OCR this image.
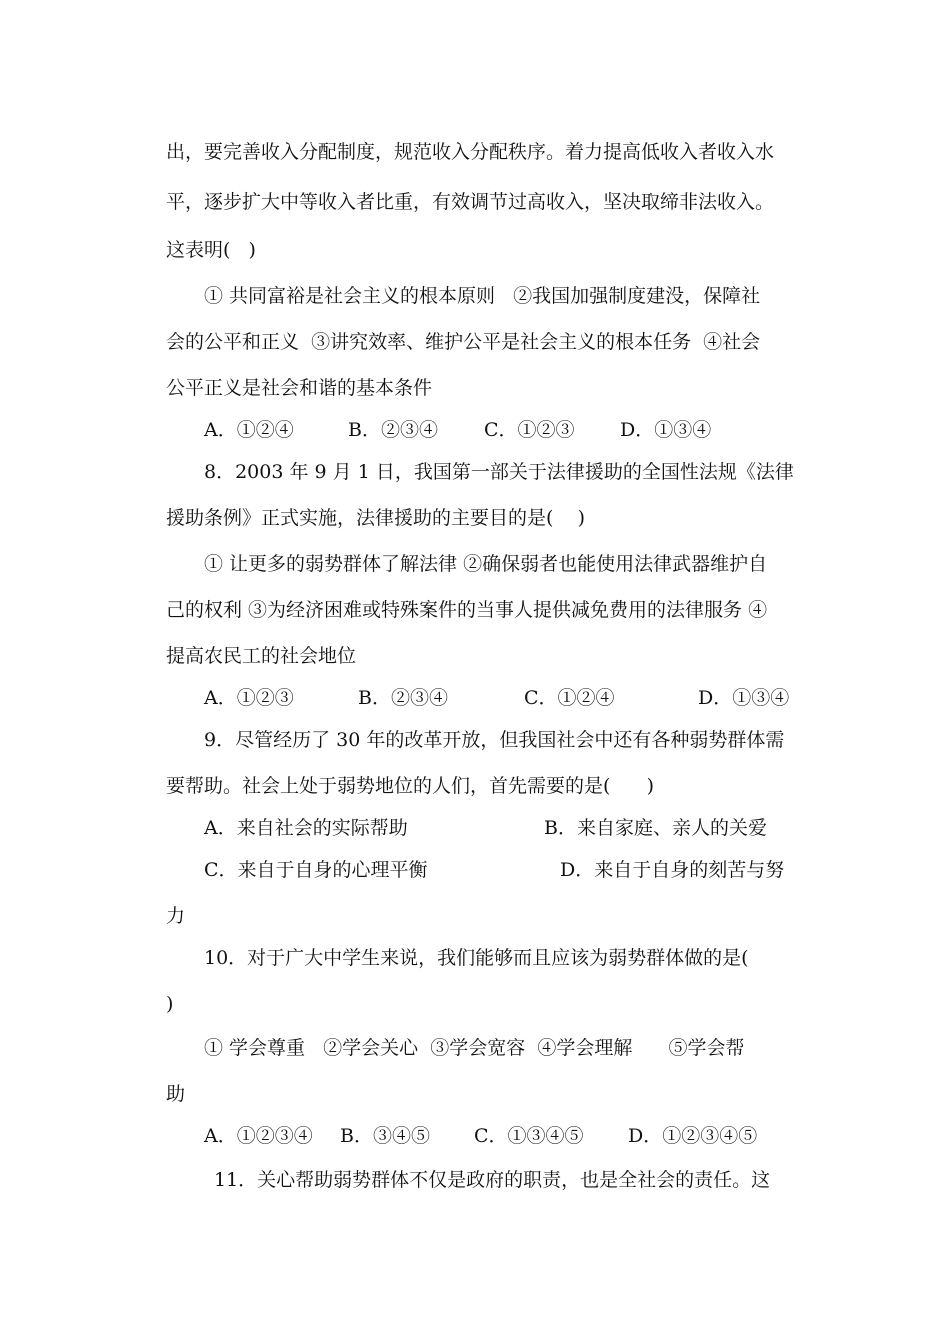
出，要完善收入分配制度，规范收入分配秩序。着力提高低收入者收入水
平，逐步扩大中等收入者比重，有效调节过高收入，坚决取缔非法收入。
这表明(   )
① 共同富裕是社会主义的根本原则   ②我国加强制度建没，保障社
会的公平和正义  ③讲究效率、维护公平是社会主义的根本任务  ④社会
公平正义是社会和谐的基本条件
A．①②④	B．②③④ C．①②③ D．①③④
8．2003 年 9 月 1 日，我国第一部关于法律援助的全国性法规《法律
援助条例》正式实施，法律援助的主要目的是(    )
① 让更多的弱势群体了解法律 ②确保弱者也能使用法律武器维护自
己的权利 ③为经济困难或特殊案件的当事人提供减免费用的法律服务 ④
提高农民工的社会地位
A．①②③	B．②③④	C．①②④	D．①③④
9．尽管经历了 30 年的改革开放，但我国社会中还有各种弱势群体需
要帮助。社会上处于弱势地位的人们，首先需要的是(      )
A．来自社会的实际帮助	B．来自家庭、亲人的关爱
C．来自于自身的心理平衡	D．来自于自身的刻苦与努
力
10．对于广大中学生来说，我们能够而且应该为弱势群体做的是(
)
① 学会尊重   ②学会关心  ③学会宽容  ④学会理解      ⑤学会帮
助
A．①②③④ B．③④⑤ C．①③④⑤ D．①②③④⑤
11．关心帮助弱势群体不仅是政府的职责，也是全社会的责任。这
